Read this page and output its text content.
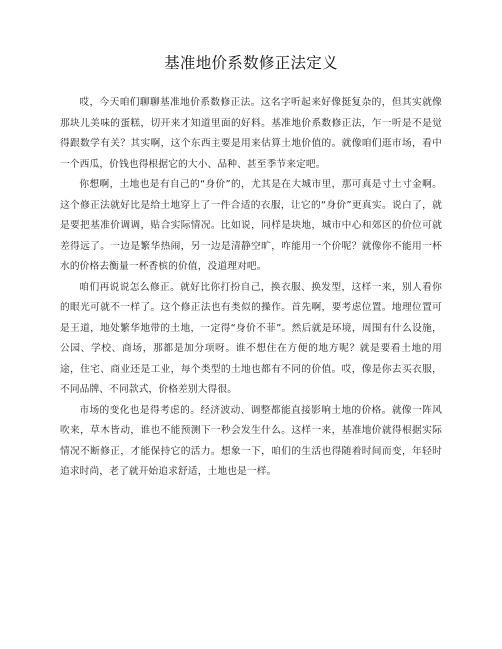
基准地价系数修正法定义

哎，今天咱们聊聊基准地价系数修正法。这名字听起来好像挺复杂的，但其实就像那块儿美味的蛋糕，切开来才知道里面的好料。基准地价系数修正法，乍一听是不是觉得跟数学有关？其实啊，这个东西主要是用来估算土地价值的。就像咱们逛市场，看中一个西瓜，价钱也得根据它的大小、品种、甚至季节来定吧。

你想啊，土地也是有自己的“身价”的，尤其是在大城市里，那可真是寸土寸金啊。这个修正法就好比是给土地穿上了一件合适的衣服，让它的“身价”更真实。说白了，就是要把基准价调调，贴合实际情况。比如说，同样是块地，城市中心和郊区的价位可就差得远了。一边是繁华热闹，另一边是清静空旷，咋能用一个价呢？就像你不能用一杯水的价格去衡量一杯香槟的价值，没道理对吧。

咱们再说说怎么修正。就好比你打扮自己，换衣服、换发型，这样一来，别人看你的眼光可就不一样了。这个修正法也有类似的操作。首先啊，要考虑位置。地理位置可是王道，地处繁华地带的土地，一定得“身价不菲”。然后就是环境，周围有什么设施，公园、学校、商场，那都是加分项呀。谁不想住在方便的地方呢？就是要看土地的用途，住宅、商业还是工业，每个类型的土地也都有不同的价值。哎，像是你去买衣服，不同品牌、不同款式，价格差别大得很。

市场的变化也是得考虑的。经济波动、调整都能直接影响土地的价格。就像一阵风吹来，草木皆动，谁也不能预测下一秒会发生什么。这样一来，基准地价就得根据实际情况不断修正，才能保持它的活力。想象一下，咱们的生活也得随着时间而变，年轻时追求时尚，老了就开始追求舒适，土地也是一样。
